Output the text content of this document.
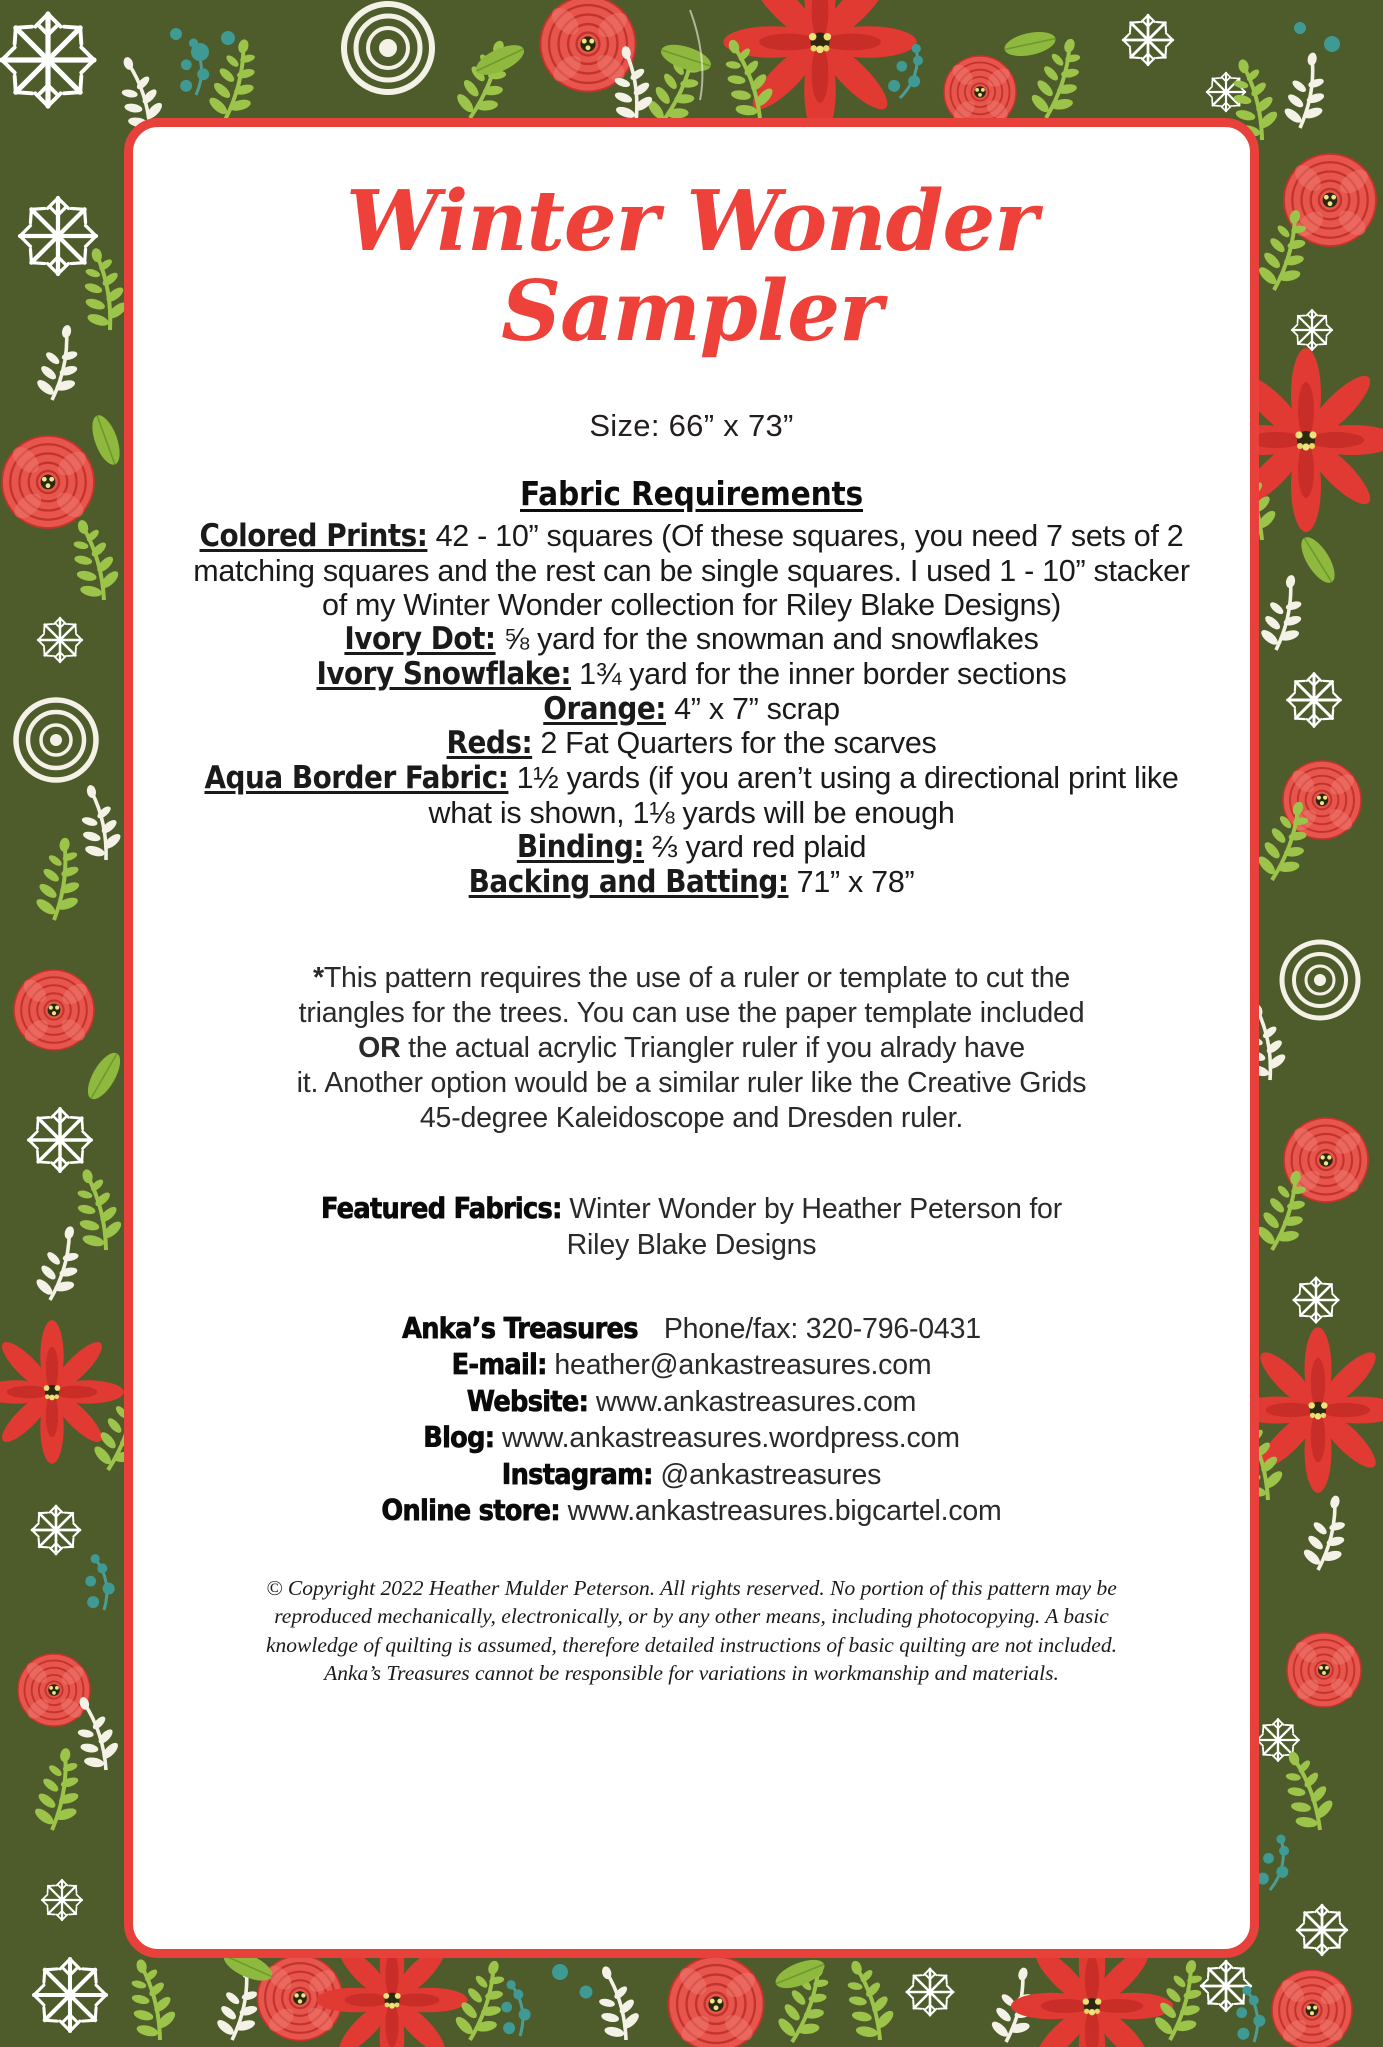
Winter Wonder
Sampler
Size: 66” x 73”
Fabric Requirements
Colored Prints: 42 - 10” squares (Of these squares, you need 7 sets of 2 matching squares and the rest can be single squares. I used 1 - 10” stacker of my Winter Wonder collection for Riley Blake Designs)
Ivory Dot: ⅝ yard for the snowman and snowflakes
Ivory Snowflake: 1¾ yard for the inner border sections
Orange: 4” x 7” scrap
Reds: 2 Fat Quarters for the scarves
Aqua Border Fabric: 1½ yards (if you aren’t using a directional print like what is shown, 1⅛ yards will be enough
Binding: ⅔ yard red plaid
Backing and Batting: 71” x 78”
*This pattern requires the use of a ruler or template to cut the
triangles for the trees. You can use the paper template included
OR the actual acrylic Triangler ruler if you alrady have
it. Another option would be a similar ruler like the Creative Grids
45-degree Kaleidoscope and Dresden ruler.
Featured Fabrics: Winter Wonder by Heather Peterson for
Riley Blake Designs
Anka’s Treasures Phone/fax: 320-796-0431
E-mail: heather@ankastreasures.com
Website: www.ankastreasures.com
Blog: www.ankastreasures.wordpress.com
Instagram: @ankastreasures
Online store: www.ankastreasures.bigcartel.com
© Copyright 2022 Heather Mulder Peterson. All rights reserved. No portion of this pattern may be
reproduced mechanically, electronically, or by any other means, including photocopying. A basic
knowledge of quilting is assumed, therefore detailed instructions of basic quilting are not included.
Anka’s Treasures cannot be responsible for variations in workmanship and materials.
